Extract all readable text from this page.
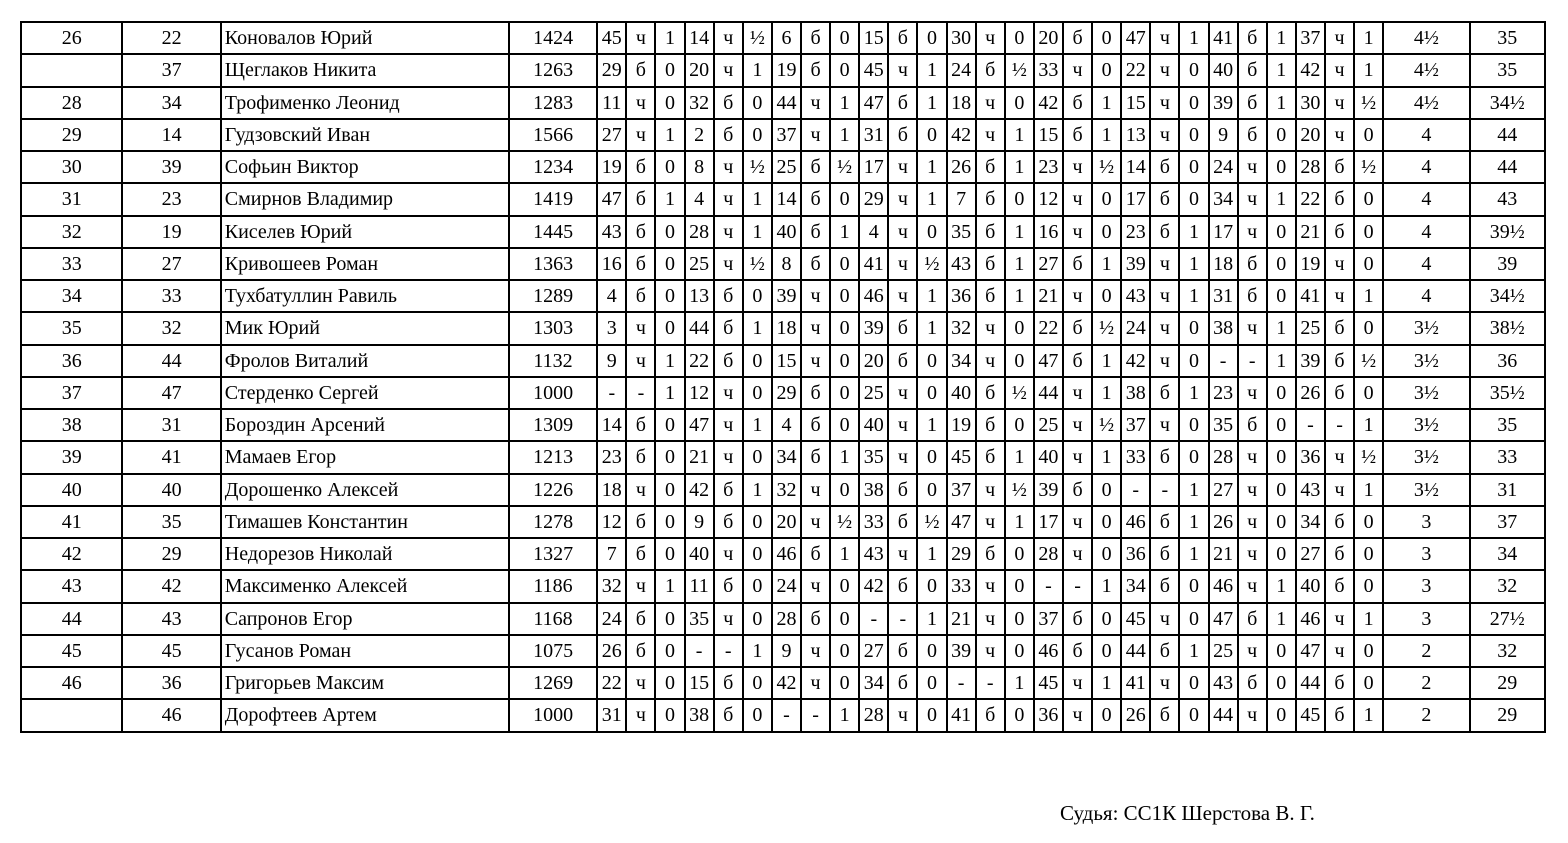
26	22	Коновалов Юрий	1424	45	ч	1	14	ч	½	6	б	0	15	б	0	30	ч	0	20	б	0	47	ч	1	41	б	1	37	ч	1	4½	35
	37	Щеглаков Никита	1263	29	б	0	20	ч	1	19	б	0	45	ч	1	24	б	½	33	ч	0	22	ч	0	40	б	1	42	ч	1	4½	35
28	34	Трофименко Леонид	1283	11	ч	0	32	б	0	44	ч	1	47	б	1	18	ч	0	42	б	1	15	ч	0	39	б	1	30	ч	½	4½	34½
29	14	Гудзовский Иван	1566	27	ч	1	2	б	0	37	ч	1	31	б	0	42	ч	1	15	б	1	13	ч	0	9	б	0	20	ч	0	4	44
30	39	Софьин Виктор	1234	19	б	0	8	ч	½	25	б	½	17	ч	1	26	б	1	23	ч	½	14	б	0	24	ч	0	28	б	½	4	44
31	23	Смирнов Владимир	1419	47	б	1	4	ч	1	14	б	0	29	ч	1	7	б	0	12	ч	0	17	б	0	34	ч	1	22	б	0	4	43
32	19	Киселев Юрий	1445	43	б	0	28	ч	1	40	б	1	4	ч	0	35	б	1	16	ч	0	23	б	1	17	ч	0	21	б	0	4	39½
33	27	Кривошеев Роман	1363	16	б	0	25	ч	½	8	б	0	41	ч	½	43	б	1	27	б	1	39	ч	1	18	б	0	19	ч	0	4	39
34	33	Тухбатуллин Равиль	1289	4	б	0	13	б	0	39	ч	0	46	ч	1	36	б	1	21	ч	0	43	ч	1	31	б	0	41	ч	1	4	34½
35	32	Мик Юрий	1303	3	ч	0	44	б	1	18	ч	0	39	б	1	32	ч	0	22	б	½	24	ч	0	38	ч	1	25	б	0	3½	38½
36	44	Фролов Виталий	1132	9	ч	1	22	б	0	15	ч	0	20	б	0	34	ч	0	47	б	1	42	ч	0	-	-	1	39	б	½	3½	36
37	47	Стерденко Сергей	1000	-	-	1	12	ч	0	29	б	0	25	ч	0	40	б	½	44	ч	1	38	б	1	23	ч	0	26	б	0	3½	35½
38	31	Бороздин Арсений	1309	14	б	0	47	ч	1	4	б	0	40	ч	1	19	б	0	25	ч	½	37	ч	0	35	б	0	-	-	1	3½	35
39	41	Мамаев Егор	1213	23	б	0	21	ч	0	34	б	1	35	ч	0	45	б	1	40	ч	1	33	б	0	28	ч	0	36	ч	½	3½	33
40	40	Дорошенко Алексей	1226	18	ч	0	42	б	1	32	ч	0	38	б	0	37	ч	½	39	б	0	-	-	1	27	ч	0	43	ч	1	3½	31
41	35	Тимашев Константин	1278	12	б	0	9	б	0	20	ч	½	33	б	½	47	ч	1	17	ч	0	46	б	1	26	ч	0	34	б	0	3	37
42	29	Недорезов Николай	1327	7	б	0	40	ч	0	46	б	1	43	ч	1	29	б	0	28	ч	0	36	б	1	21	ч	0	27	б	0	3	34
43	42	Максименко Алексей	1186	32	ч	1	11	б	0	24	ч	0	42	б	0	33	ч	0	-	-	1	34	б	0	46	ч	1	40	б	0	3	32
44	43	Сапронов Егор	1168	24	б	0	35	ч	0	28	б	0	-	-	1	21	ч	0	37	б	0	45	ч	0	47	б	1	46	ч	1	3	27½
45	45	Гусанов Роман	1075	26	б	0	-	-	1	9	ч	0	27	б	0	39	ч	0	46	б	0	44	б	1	25	ч	0	47	ч	0	2	32
46	36	Григорьев Максим	1269	22	ч	0	15	б	0	42	ч	0	34	б	0	-	-	1	45	ч	1	41	ч	0	43	б	0	44	б	0	2	29
	46	Дорофтеев Артем	1000	31	ч	0	38	б	0	-	-	1	28	ч	0	41	б	0	36	ч	0	26	б	0	44	ч	0	45	б	1	2	29
Судья: СС1К Шерстова В. Г.
